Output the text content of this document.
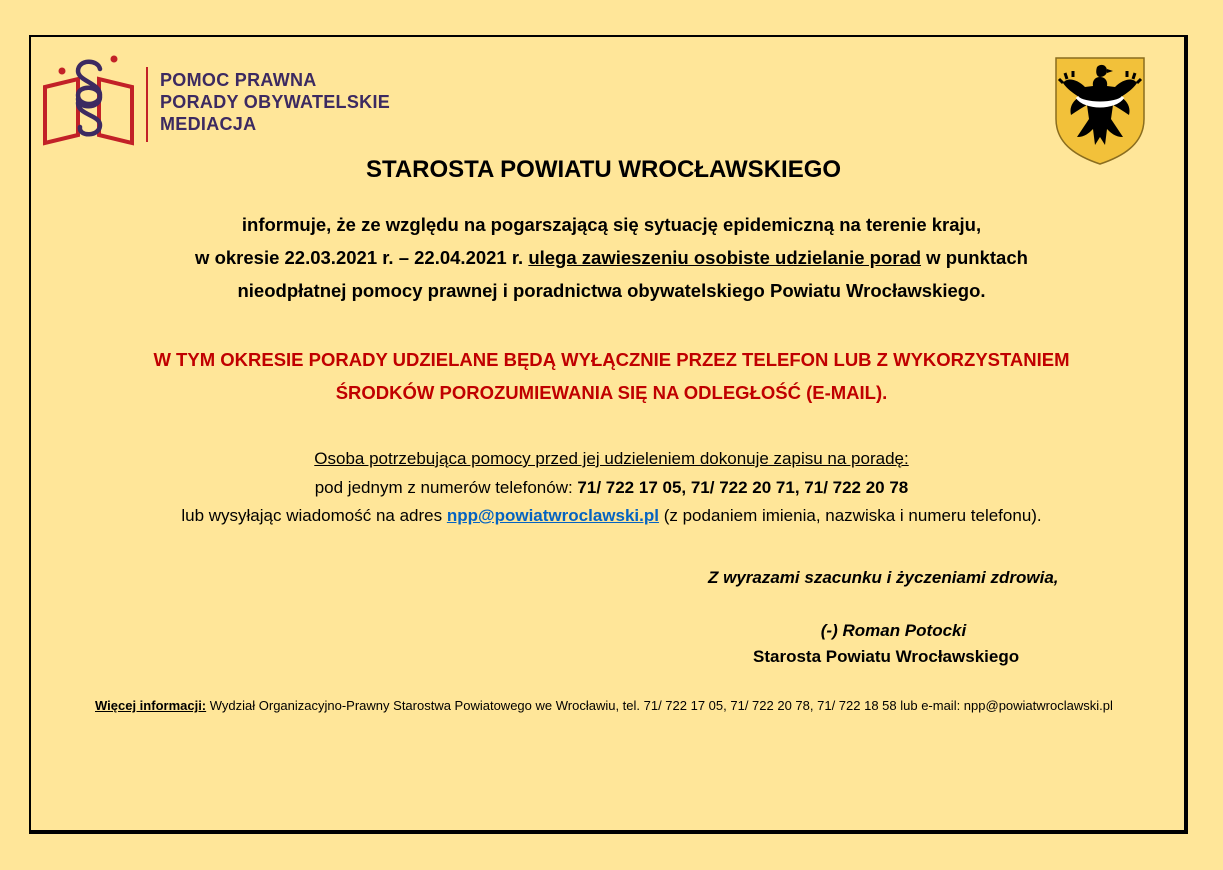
POMOC PRAWNA
PORADY OBYWATELSKIE
MEDIACJA
STAROSTA POWIATU WROCŁAWSKIEGO
informuje, że ze względu na pogarszającą się sytuację epidemiczną na terenie kraju,
w okresie 22.03.2021 r. – 22.04.2021 r. ulega zawieszeniu osobiste udzielanie porad w punktach
nieodpłatnej pomocy prawnej i poradnictwa obywatelskiego Powiatu Wrocławskiego.
W TYM OKRESIE PORADY UDZIELANE BĘDĄ WYŁĄCZNIE PRZEZ TELEFON LUB Z WYKORZYSTANIEM
ŚRODKÓW POROZUMIEWANIA SIĘ NA ODLEGŁOŚĆ (E-MAIL).
Osoba potrzebująca pomocy przed jej udzieleniem dokonuje zapisu na poradę:
pod jednym z numerów telefonów: 71/ 722 17 05, 71/ 722 20 71, 71/ 722 20 78
lub wysyłając wiadomość na adres npp@powiatwroclawski.pl (z podaniem imienia, nazwiska i numeru telefonu).
Z wyrazami szacunku i życzeniami zdrowia,
(-) Roman Potocki
Starosta Powiatu Wrocławskiego
Więcej informacji: Wydział Organizacyjno-Prawny Starostwa Powiatowego we Wrocławiu, tel. 71/ 722 17 05, 71/ 722 20 78, 71/ 722 18 58 lub e-mail: npp@powiatwroclawski.pl
